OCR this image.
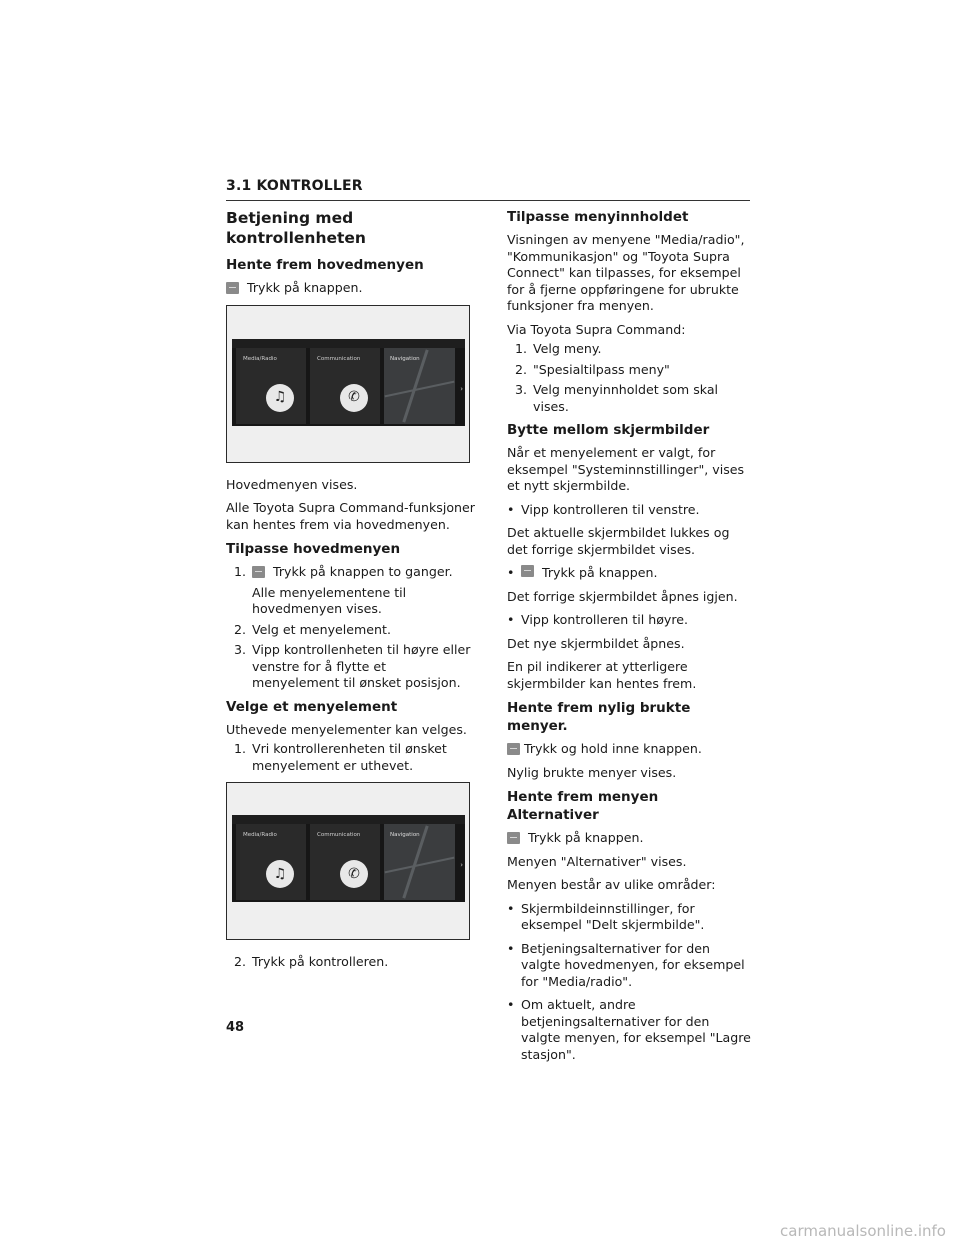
3.1 KONTROLLER
Betjening med kontrollenheten
Hente frem hovedmenyen
Trykk på knappen.
Media/Radio
♫
Communication
✆
Navigation
›

Hovedmenyen vises.

Alle Toyota Supra Command-funksjoner kan hentes frem via hovedmenyen.

Tilpasse hovedmenyen
1. Trykk på knappen to ganger.
Alle menyelementene til hovedmenyen vises.
2. Velg et menyelement.
3. Vipp kontrollenheten til høyre eller venstre for å flytte et menyelement til ønsket posisjon.
Velge et menyelement

Uthevede menyelementer kan velges.

1. Vri kontrollerenheten til ønsket menyelement er uthevet.
Media/Radio
♫
Communication
✆
Navigation
›
2. Trykk på kontrolleren.
Tilpasse menyinnholdet

Visningen av menyene "Media/radio", "Kommunikasjon" og "Toyota Supra Connect" kan tilpasses, for eksempel for å fjerne oppføringene for ubrukte funksjoner fra menyen.

Via Toyota Supra Command:

1. Velg meny.
2. "Spesialtilpass meny"
3. Velg menyinnholdet som skal vises.
Bytte mellom skjermbilder

Når et menyelement er valgt, for eksempel "Systeminnstillinger", vises et nytt skjermbilde.

• Vipp kontrolleren til venstre.

Det aktuelle skjermbildet lukkes og det forrige skjermbildet vises.

•	Trykk på knappen.

Det forrige skjermbildet åpnes igjen.

• Vipp kontrolleren til høyre.

Det nye skjermbildet åpnes.

En pil indikerer at ytterligere skjermbilder kan hentes frem.

Hente frem nylig brukte menyer.
Trykk og hold inne knappen.

Nylig brukte menyer vises.

Hente frem menyen Alternativer
Trykk på knappen.

Menyen "Alternativer" vises.

Menyen består av ulike områder:

• Skjermbildeinnstillinger, for eksempel "Delt skjermbilde".
• Betjeningsalternativer for den valgte hovedmenyen, for eksempel for "Media/radio".
• Om aktuelt, andre betjeningsalternativer for den valgte menyen, for eksempel "Lagre stasjon".
48
carmanualsonline.info
